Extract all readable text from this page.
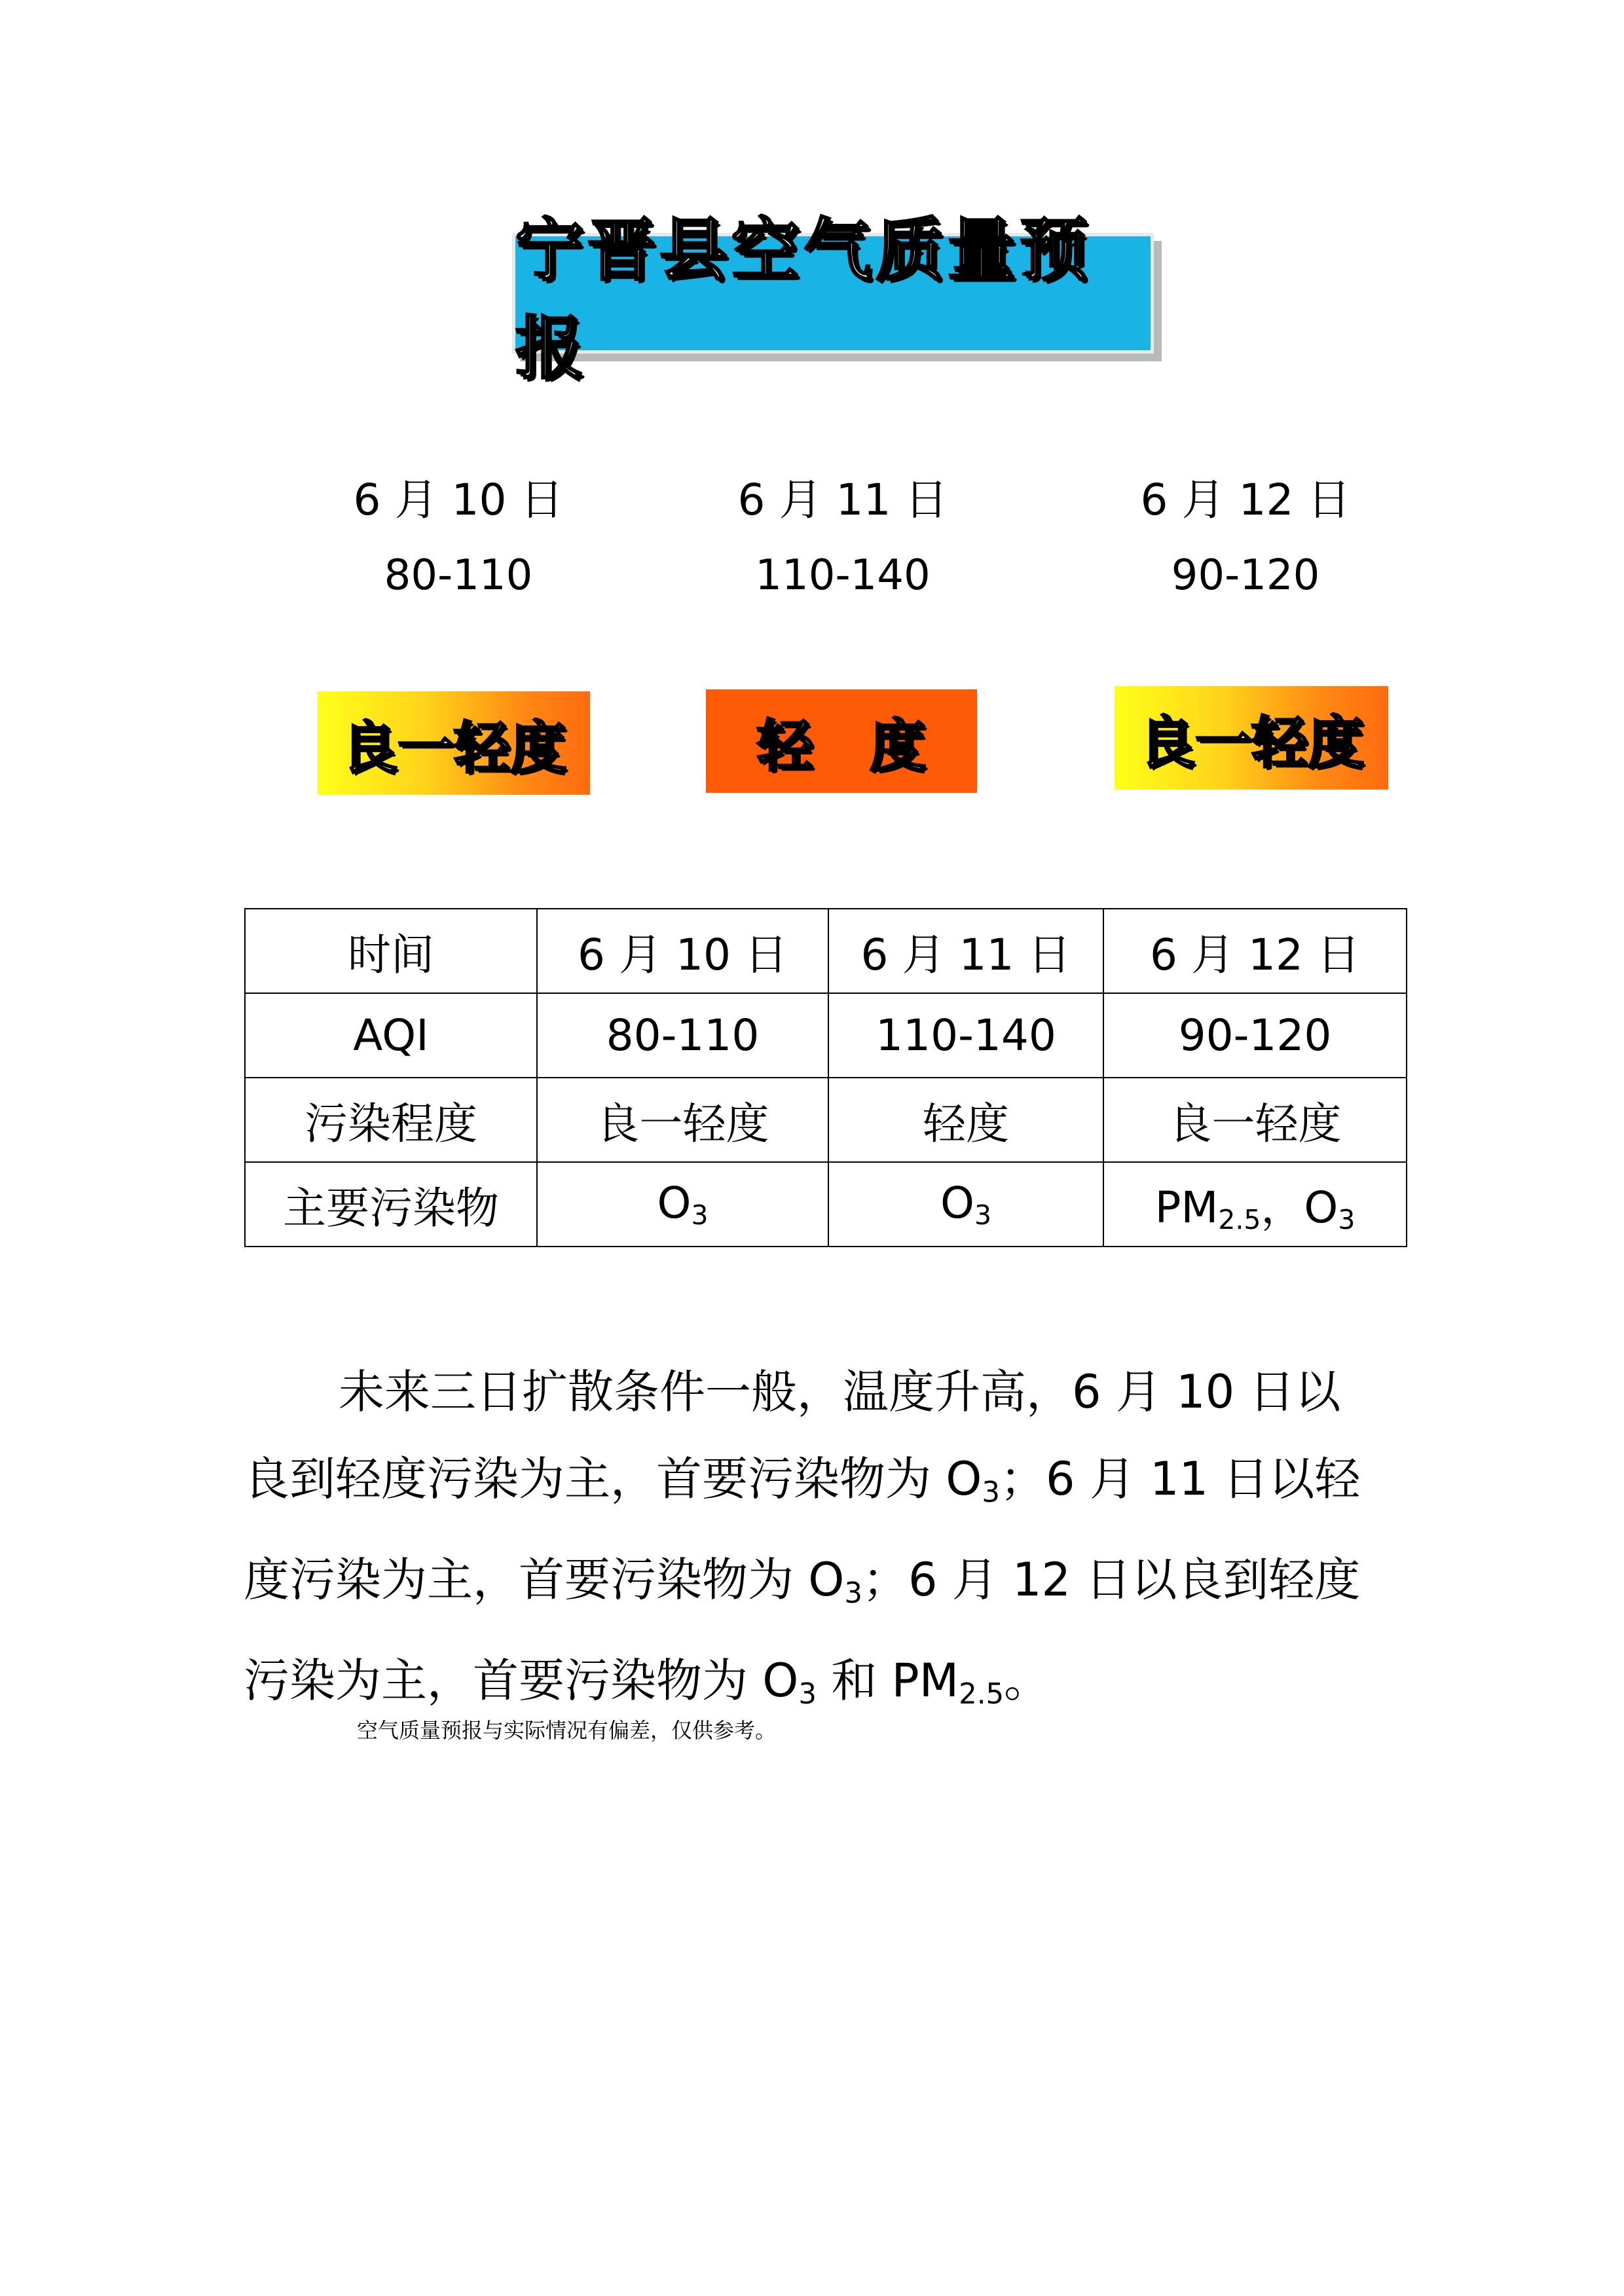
宁晋县空气质量预报
6 月 10 日
80-110
6 月 11 日
110-140
6 月 12 日
90-120
良一轻度	轻　度	良一轻度
时间	6 月 10 日	6 月 11 日	6 月 12 日
AQI	80-110	110-140	90-120
污染程度	良一轻度	轻度	良一轻度
主要污染物	$O_3$	$O_3$	$PM_{2.5}$，$O_3$
未来三日扩散条件一般，温度升高，6 月 10 日以良到轻度污染为主，首要污染物为 $O_3$；6 月 11 日以轻度污染为主，首要污染物为 $O_3$；6 月 12 日以良到轻度污染为主，首要污染物为 $O_3$ 和 $PM_{2.5}$。
空气质量预报与实际情况有偏差，仅供参考。
